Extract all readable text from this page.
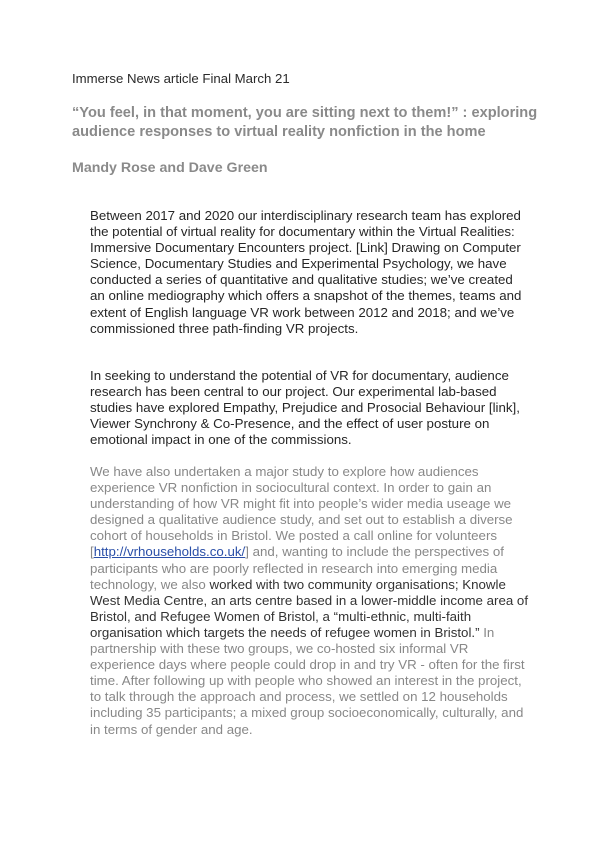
Immerse News article Final March 21
“You feel, in that moment, you are sitting next to them!” : exploring audience responses to virtual reality nonfiction in the home
Mandy Rose and Dave Green

Between 2017 and 2020 our interdisciplinary research team has explored the potential of virtual reality for documentary within the Virtual Realities: Immersive Documentary Encounters project. [Link] Drawing on Computer Science, Documentary Studies and Experimental Psychology, we have conducted a series of quantitative and qualitative studies; we’ve created an online mediography which offers a snapshot of the themes, teams and extent of English language VR work between 2012 and 2018; and we’ve commissioned three path-finding VR projects.

In seeking to understand the potential of VR for documentary, audience research has been central to our project. Our experimental lab-based studies have explored Empathy, Prejudice and Prosocial Behaviour [link], Viewer Synchrony & Co-Presence, and the effect of user posture on emotional impact in one of the commissions.

We have also undertaken a major study to explore how audiences experience VR nonfiction in sociocultural context. In order to gain an understanding of how VR might fit into people’s wider media useage we designed a qualitative audience study, and set out to establish a diverse cohort of households in Bristol. We posted a call online for volunteers [http://vrhouseholds.co.uk/] and, wanting to include the perspectives of participants who are poorly reflected in research into emerging media technology, we also worked with two community organisations; Knowle West Media Centre, an arts centre based in a lower-middle income area of Bristol, and Refugee Women of Bristol, a “multi-ethnic, multi-faith organisation which targets the needs of refugee women in Bristol.” In partnership with these two groups, we co-hosted six informal VR experience days where people could drop in and try VR - often for the first time. After following up with people who showed an interest in the project, to talk through the approach and process, we settled on 12 households including 35 participants; a mixed group socioeconomically, culturally, and in terms of gender and age.
